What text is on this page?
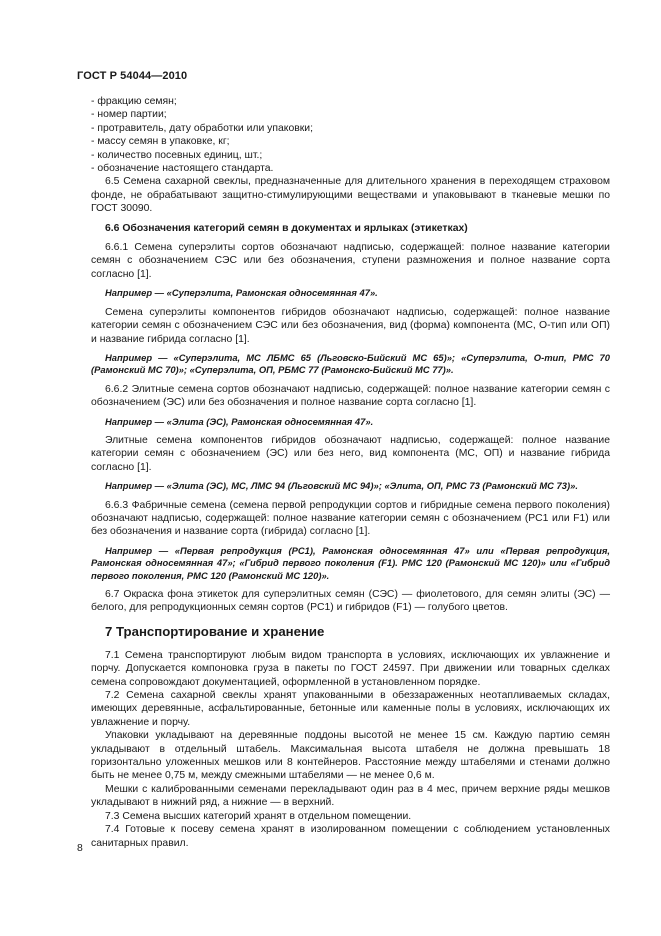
ГОСТ Р 54044—2010
- фракцию семян;
- номер партии;
- протравитель, дату обработки или упаковки;
- массу семян в упаковке, кг;
- количество посевных единиц, шт.;
- обозначение настоящего стандарта.

6.5 Семена сахарной свеклы, предназначенные для длительного хранения в переходящем страховом фонде, не обрабатывают защитно-стимулирующими веществами и упаковывают в тканевые мешки по ГОСТ 30090.

6.6 Обозначения категорий семян в документах и ярлыках (этикетках)

6.6.1 Семена суперэлиты сортов обозначают надписью, содержащей: полное название категории семян с обозначением СЭС или без обозначения, ступени размножения и полное название сорта согласно [1].

Например — «Суперэлита, Рамонская односемянная 47».

Семена суперэлиты компонентов гибридов обозначают надписью, содержащей: полное название категории семян с обозначением СЭС или без обозначения, вид (форма) компонента (МС, О-тип или ОП) и название гибрида согласно [1].

Например — «Суперэлита, МС ЛБМС 65 (Льговско-Бийский МС 65)»; «Суперэлита, О-тип, РМС 70 (Рамонский МС 70)»; «Суперэлита, ОП, РБМС 77 (Рамонско-Бийский МС 77)».

6.6.2 Элитные семена сортов обозначают надписью, содержащей: полное название категории семян с обозначением (ЭС) или без обозначения и полное название сорта согласно [1].

Например — «Элита (ЭС), Рамонская односемянная 47».

Элитные семена компонентов гибридов обозначают надписью, содержащей: полное название категории семян с обозначением (ЭС) или без него, вид компонента (МС, ОП) и название гибрида согласно [1].

Например — «Элита (ЭС), МС, ЛМС 94 (Льговский МС 94)»; «Элита, ОП, РМС 73 (Рамонский МС 73)».

6.6.3 Фабричные семена (семена первой репродукции сортов и гибридные семена первого поколения) обозначают надписью, содержащей: полное название категории семян с обозначением (РС1 или F1) или без обозначения и название сорта (гибрида) согласно [1].

Например — «Первая репродукция (РС1), Рамонская односемянная 47» или «Первая репродукция, Рамонская односемянная 47»; «Гибрид первого поколения (F1). РМС 120 (Рамонский МС 120)» или «Гибрид первого поколения, РМС 120 (Рамонский МС 120)».

6.7 Окраска фона этикеток для суперэлитных семян (СЭС) — фиолетового, для семян элиты (ЭС) — белого, для репродукционных семян сортов (РС1) и гибридов (F1) — голубого цветов.

7 Транспортирование и хранение

7.1 Семена транспортируют любым видом транспорта в условиях, исключающих их увлажнение и порчу. Допускается компоновка груза в пакеты по ГОСТ 24597. При движении или товарных сделках семена сопровождают документацией, оформленной в установленном порядке.

7.2 Семена сахарной свеклы хранят упакованными в обеззараженных неотапливаемых складах, имеющих деревянные, асфальтированные, бетонные или каменные полы в условиях, исключающих их увлажнение и порчу.

Упаковки укладывают на деревянные поддоны высотой не менее 15 см. Каждую партию семян укладывают в отдельный штабель. Максимальная высота штабеля не должна превышать 18 горизонтально уложенных мешков или 8 контейнеров. Расстояние между штабелями и стенами должно быть не менее 0,75 м, между смежными штабелями — не менее 0,6 м.

Мешки с калиброванными семенами перекладывают один раз в 4 мес, причем верхние ряды мешков укладывают в нижний ряд, а нижние — в верхний.

7.3 Семена высших категорий хранят в отдельном помещении.

7.4 Готовые к посеву семена хранят в изолированном помещении с соблюдением установленных санитарных правил.

8
